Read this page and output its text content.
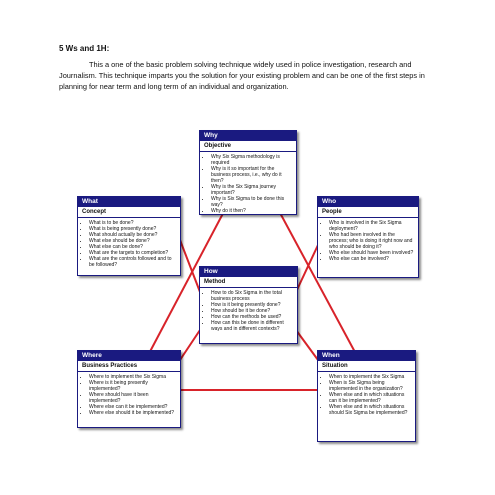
5 Ws and 1H:

This a one of the basic problem solving technique widely used in police investigation, research and Journalism. This technique imparts you the solution for your existing problem and can be one of the first steps in planning for near term and long term of an individual and organization.

Why
Objective
• Why Six Sigma methodology is required
• Why is it so important for the business process, i.e., why do it then?
• Why is the Six Sigma journey important?
• Why is Six Sigma to be done this way?
• Why do it then?
What
Concept
• What is to be done?
• What is being presently done?
• What should actually be done?
• What else should be done?
• What else can be done?
• What are the targets to completion?
• What are the controls followed and to be followed?
Who
People
• Who is involved in the Six Sigma deployment?
• Who had been involved in the process; who is doing it right now and who should be doing it?
• Who else should have been involved?
• Who else can be involved?
How
Method
• How to do Six Sigma in the total business process
• How is it being presently done?
• How should be it be done?
• How can the methods be used?
• How can this be done in different ways and in different contexts?
Where
Business Practices
• Where to implement the Six Sigma
• Where is it being presently implemented?
• Where should have it been implemented?
• Where else can it be implemented?
• Where else should it be implemented?
When
Situation
• When to implement the Six Sigma
• When is Six Sigma being implemented in the organization?
• When else and in which situations can it be implemented?
• When else and in which situations should Six Sigma be implemented?
